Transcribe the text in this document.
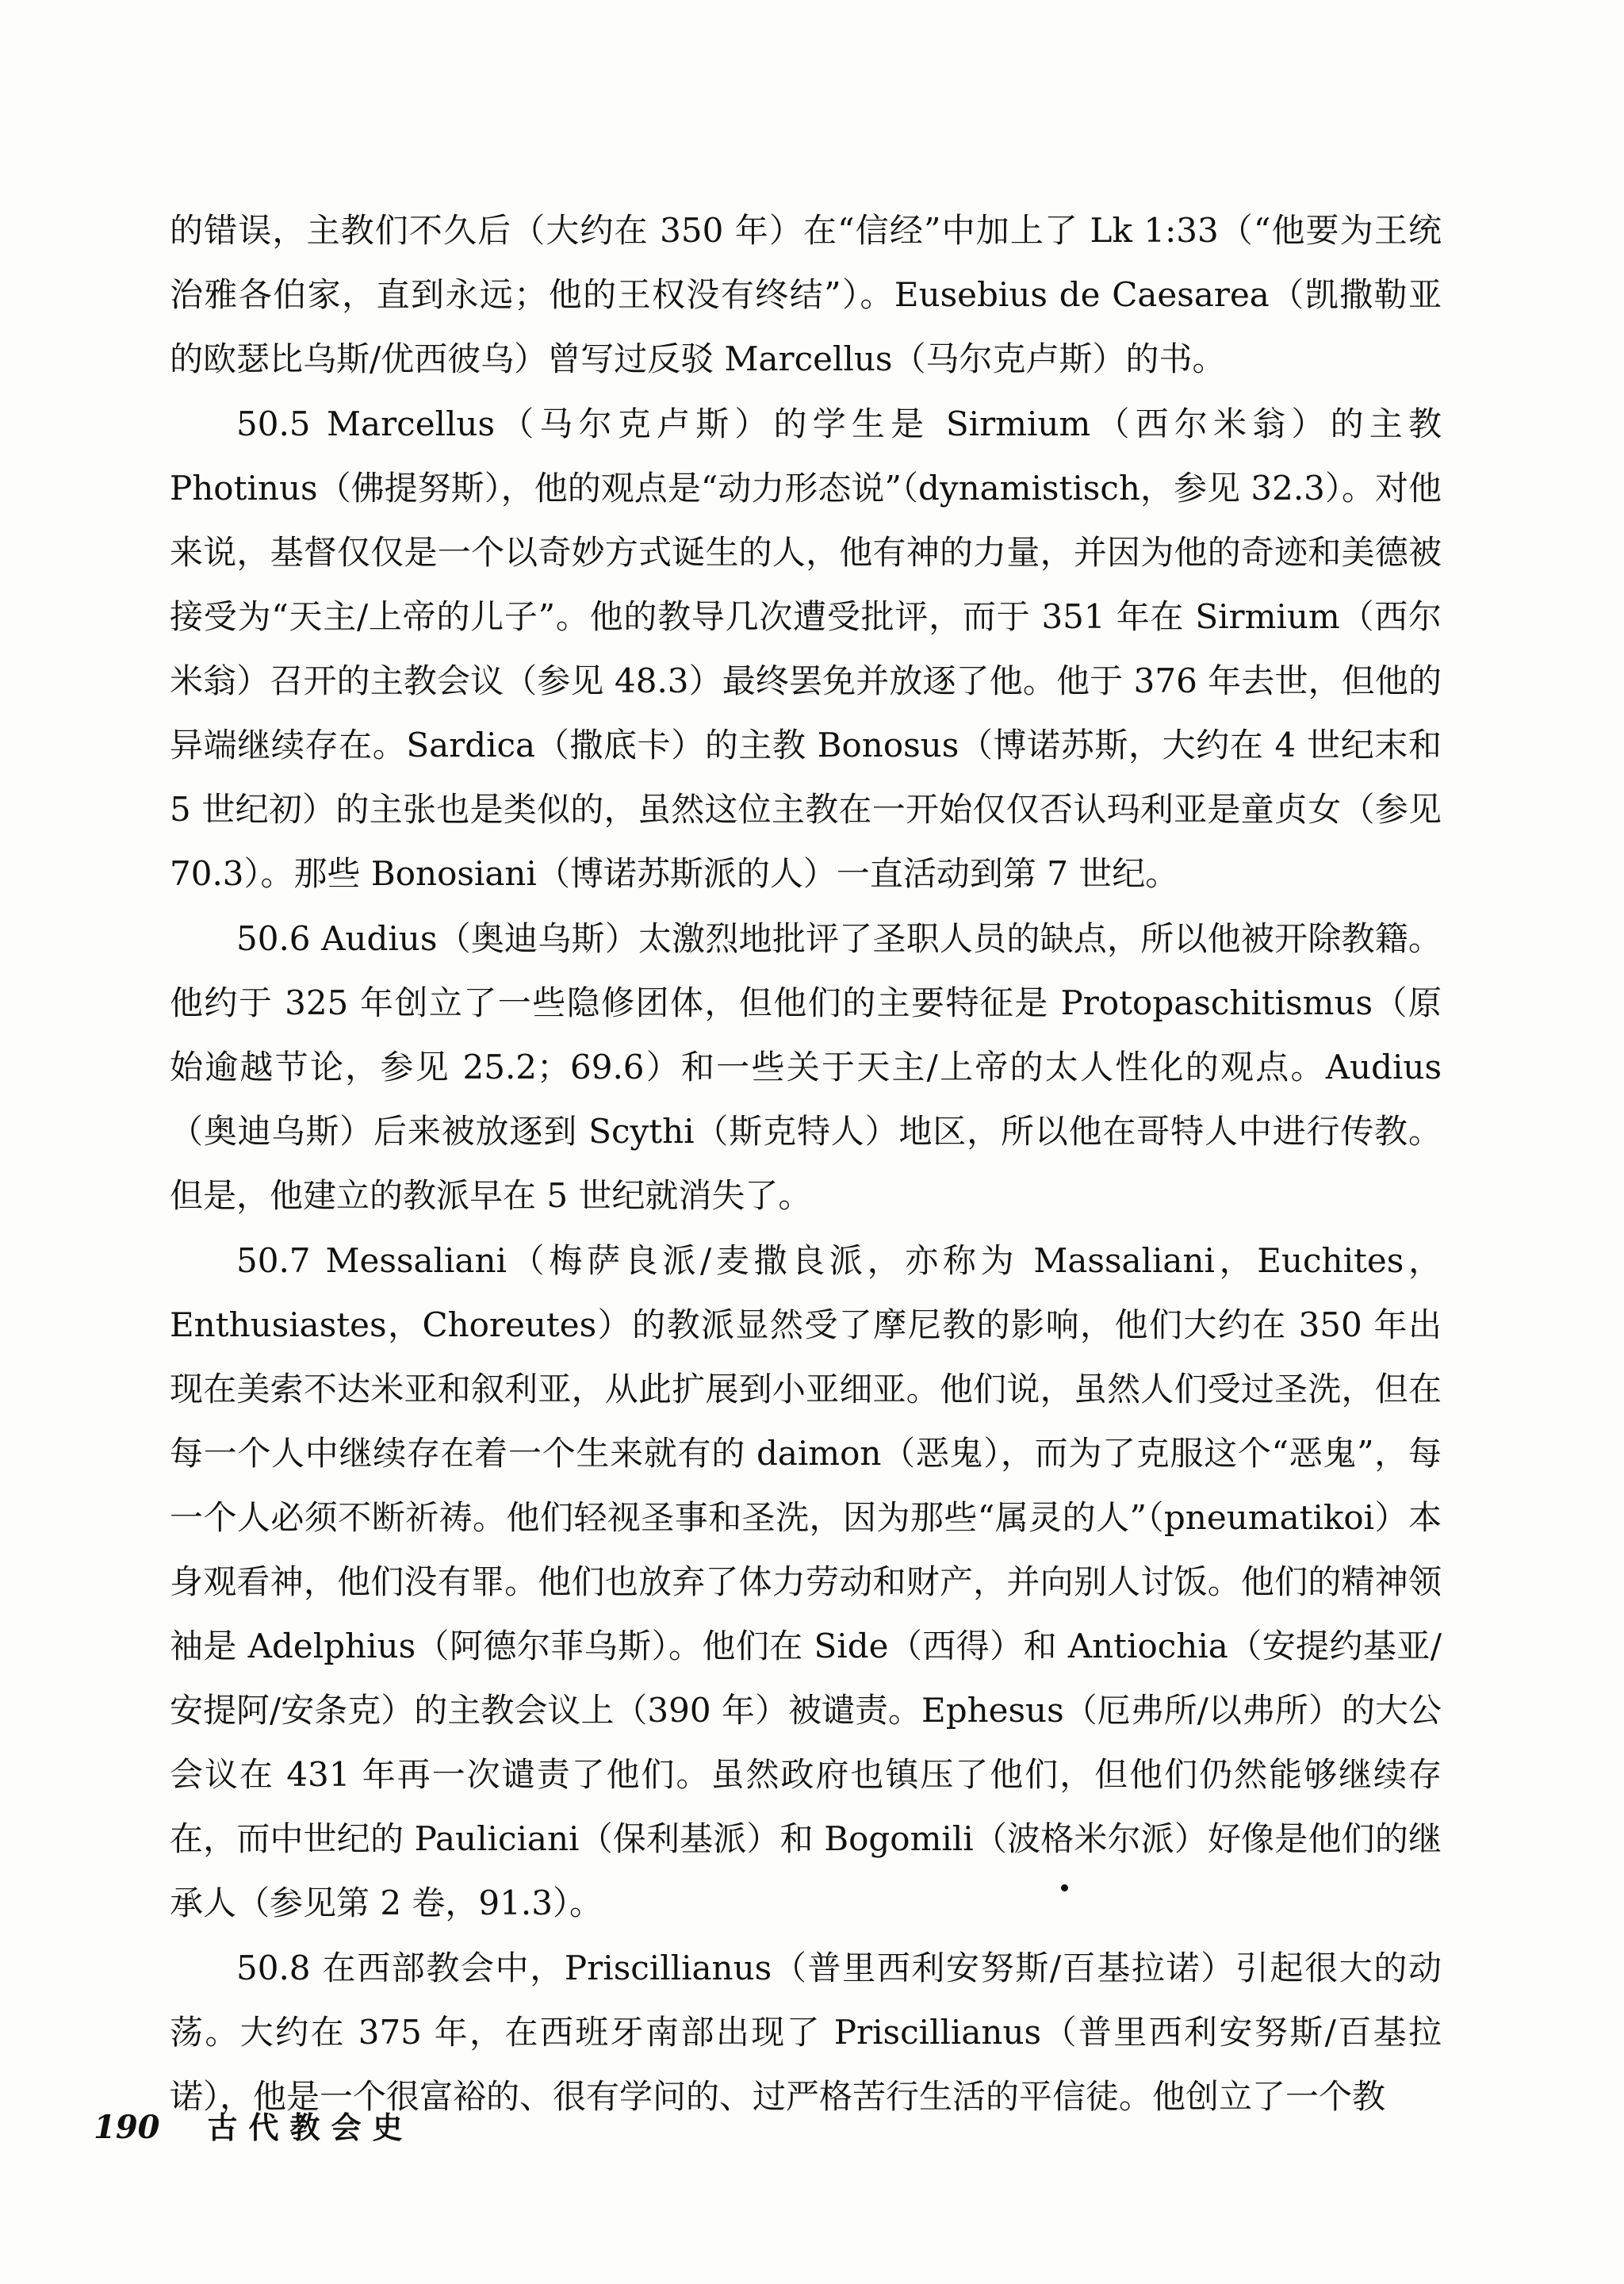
的错误，主教们不久后（大约在 350 年）在“信经”中加上了 Lk 1:33（“他要为王统治雅各伯家，直到永远；他的王权没有终结”）。Eusebius de Caesarea（凯撒勒亚的欧瑟比乌斯/优西彼乌）曾写过反驳 Marcellus（马尔克卢斯）的书。

50.5 Marcellus（马尔克卢斯）的学生是 Sirmium（西尔米翁）的主教 Photinus（佛提努斯），他的观点是“动力形态说”（dynamistisch，参见 32.3）。对他来说，基督仅仅是一个以奇妙方式诞生的人，他有神的力量，并因为他的奇迹和美德被接受为“天主/上帝的儿子”。他的教导几次遭受批评，而于 351 年在 Sirmium（西尔米翁）召开的主教会议（参见 48.3）最终罢免并放逐了他。他于 376 年去世，但他的异端继续存在。Sardica（撒底卡）的主教 Bonosus（博诺苏斯，大约在 4 世纪末和 5 世纪初）的主张也是类似的，虽然这位主教在一开始仅仅否认玛利亚是童贞女（参见 70.3）。那些 Bonosiani（博诺苏斯派的人）一直活动到第 7 世纪。

50.6 Audius（奥迪乌斯）太激烈地批评了圣职人员的缺点，所以他被开除教籍。他约于 325 年创立了一些隐修团体，但他们的主要特征是 Protopaschitismus（原始逾越节论，参见 25.2；69.6）和一些关于天主/上帝的太人性化的观点。Audius（奥迪乌斯）后来被放逐到 Scythi（斯克特人）地区，所以他在哥特人中进行传教。但是，他建立的教派早在 5 世纪就消失了。

50.7 Messaliani（梅萨良派/麦撒良派，亦称为 Massaliani，Euchites，Enthusiastes，Choreutes）的教派显然受了摩尼教的影响，他们大约在 350 年出现在美索不达米亚和叙利亚，从此扩展到小亚细亚。他们说，虽然人们受过圣洗，但在每一个人中继续存在着一个生来就有的 daimon（恶鬼），而为了克服这个“恶鬼”，每一个人必须不断祈祷。他们轻视圣事和圣洗，因为那些“属灵的人”（pneumatikoi）本身观看神，他们没有罪。他们也放弃了体力劳动和财产，并向别人讨饭。他们的精神领袖是 Adelphius（阿德尔菲乌斯）。他们在 Side（西得）和 Antiochia（安提约基亚/安提阿/安条克）的主教会议上（390 年）被谴责。Ephesus（厄弗所/以弗所）的大公会议在 431 年再一次谴责了他们。虽然政府也镇压了他们，但他们仍然能够继续存在，而中世纪的 Pauliciani（保利基派）和 Bogomili（波格米尔派）好像是他们的继承人（参见第 2 卷，91.3）。

50.8 在西部教会中，Priscillianus（普里西利安努斯/百基拉诺）引起很大的动荡。大约在 375 年，在西班牙南部出现了 Priscillianus（普里西利安努斯/百基拉诺），他是一个很富裕的、很有学问的、过严格苦行生活的平信徒。他创立了一个教

190 古代教会史
